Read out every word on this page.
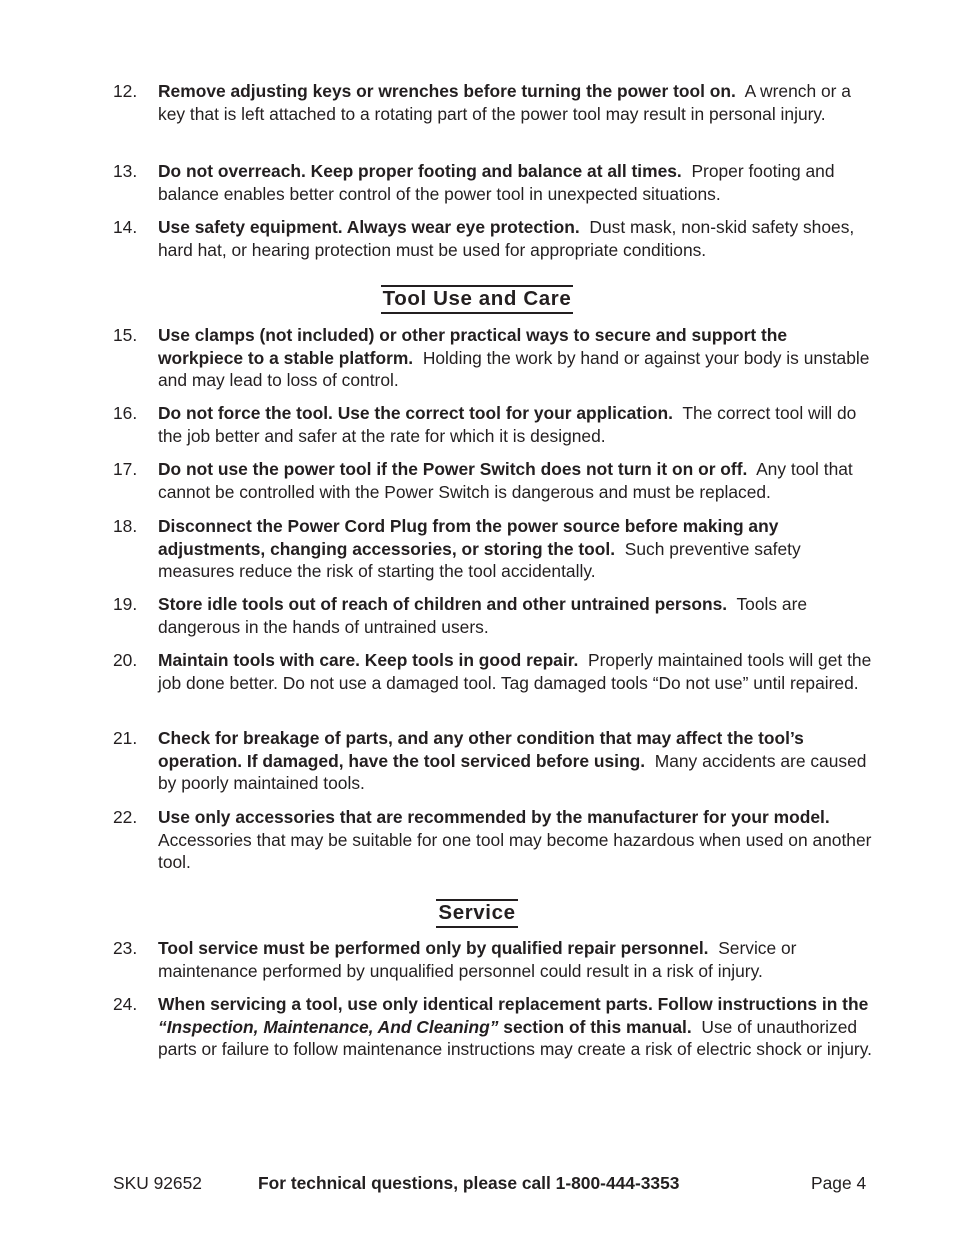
12.	Remove adjusting keys or wrenches before turning the power tool on. A wrench or a key that is left attached to a rotating part of the power tool may result in personal injury.
13.	Do not overreach. Keep proper footing and balance at all times. Proper footing and balance enables better control of the power tool in unexpected situations.
14.	Use safety equipment. Always wear eye protection. Dust mask, non-skid safety shoes, hard hat, or hearing protection must be used for appropriate conditions.
Tool Use and Care
15.	Use clamps (not included) or other practical ways to secure and support the workpiece to a stable platform. Holding the work by hand or against your body is unstable and may lead to loss of control.
16.	Do not force the tool. Use the correct tool for your application. The correct tool will do the job better and safer at the rate for which it is designed.
17.	Do not use the power tool if the Power Switch does not turn it on or off. Any tool that cannot be controlled with the Power Switch is dangerous and must be replaced.
18.	Disconnect the Power Cord Plug from the power source before making any adjustments, changing accessories, or storing the tool. Such preventive safety measures reduce the risk of starting the tool accidentally.
19.	Store idle tools out of reach of children and other untrained persons. Tools are dangerous in the hands of untrained users.
20.	Maintain tools with care. Keep tools in good repair. Properly maintained tools will get the job done better. Do not use a damaged tool. Tag damaged tools “Do not use” until repaired.
21.	Check for breakage of parts, and any other condition that may affect the tool’s operation. If damaged, have the tool serviced before using. Many accidents are caused by poorly maintained tools.
22.	Use only accessories that are recommended by the manufacturer for your model.  Accessories that may be suitable for one tool may become hazardous when used on another tool.
Service
23.	Tool service must be performed only by qualified repair personnel. Service or maintenance performed by unqualified personnel could result in a risk of injury.
24.	When servicing a tool, use only identical replacement parts. Follow instructions in the “Inspection, Maintenance, And Cleaning” section of this manual. Use of unauthorized parts or failure to follow maintenance instructions may create a risk of electric shock or injury.
SKU 92652	For technical questions, please call 1-800-444-3353	Page 4
